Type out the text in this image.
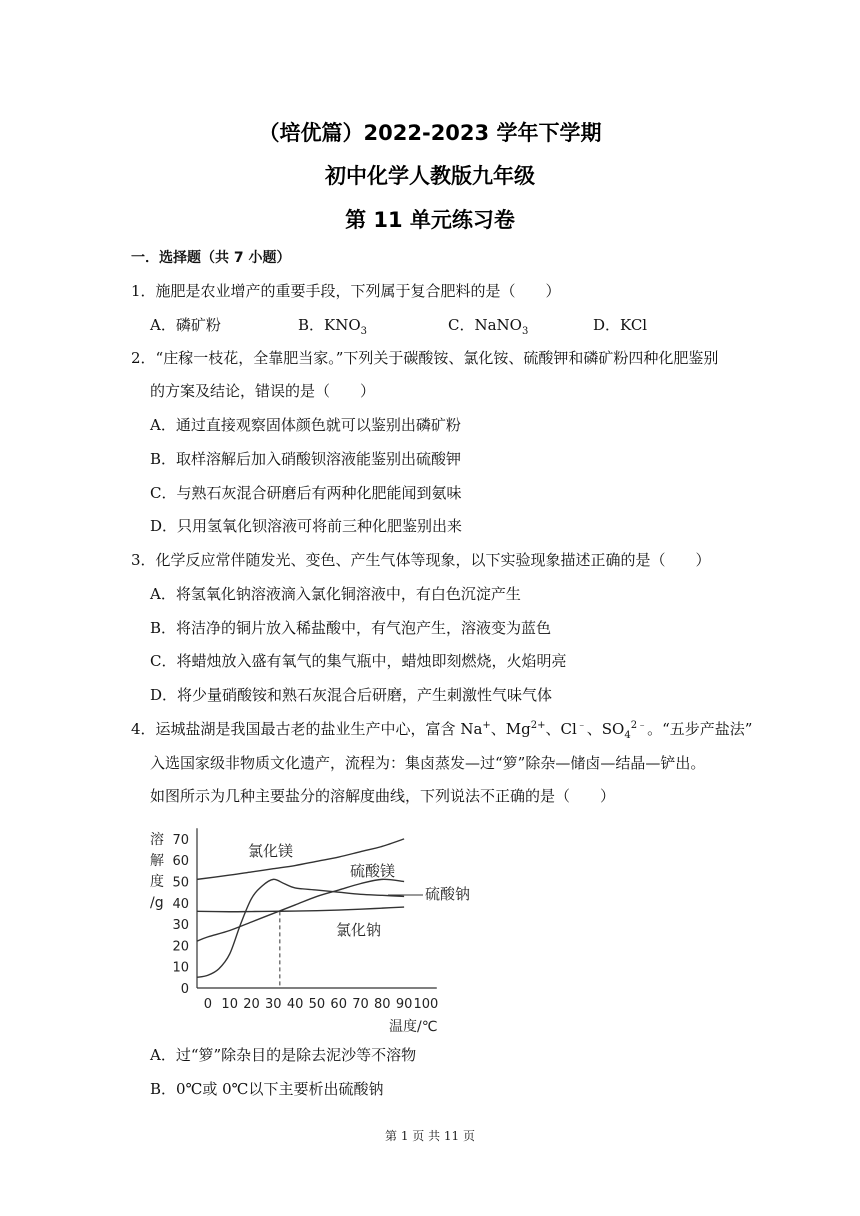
（培优篇）2022-2023 学年下学期
初中化学人教版九年级
第 11 单元练习卷
一．选择题（共 7 小题）
1．施肥是农业增产的重要手段，下列属于复合肥料的是（　　）
A．磷矿粉	B．$KNO_3$	C．NaNO$_3$	D．KCl
2．“庄稼一枝花，全靠肥当家。”下列关于碳酸铵、氯化铵、硫酸钾和磷矿粉四种化肥鉴别
的方案及结论，错误的是（　　）
A．通过直接观察固体颜色就可以鉴别出磷矿粉
B．取样溶解后加入硝酸钡溶液能鉴别出硫酸钾
C．与熟石灰混合研磨后有两种化肥能闻到氨味
D．只用氢氧化钡溶液可将前三种化肥鉴别出来
3．化学反应常伴随发光、变色、产生气体等现象，以下实验现象描述正确的是（　　）
A．将氢氧化钠溶液滴入氯化铜溶液中，有白色沉淀产生
B．将洁净的铜片放入稀盐酸中，有气泡产生，溶液变为蓝色
C．将蜡烛放入盛有氧气的集气瓶中，蜡烛即刻燃烧，火焰明亮
D．将少量硝酸铵和熟石灰混合后研磨，产生刺激性气味气体
4．运城盐湖是我国最古老的盐业生产中心，富含 Na+、$Mg^{2+}$、Cl﹣、$SO_4^{2﹣}$。“五步产盐法”
入选国家级非物质文化遗产，流程为：集卤蒸发—过“箩”除杂—储卤—结晶—铲出。
如图所示为几种主要盐分的溶解度曲线，下列说法不正确的是（　　）
溶
解
度
/g
0
10
20
30
40
50
60
70
0 10 20 30 40 50 60 70 80 90 100
温度/℃
氯化镁
硫酸镁
硫酸钠
氯化钠
A．过“箩”除杂目的是除去泥沙等不溶物
B．0℃或 0℃以下主要析出硫酸钠
第 1 页 共 11 页
